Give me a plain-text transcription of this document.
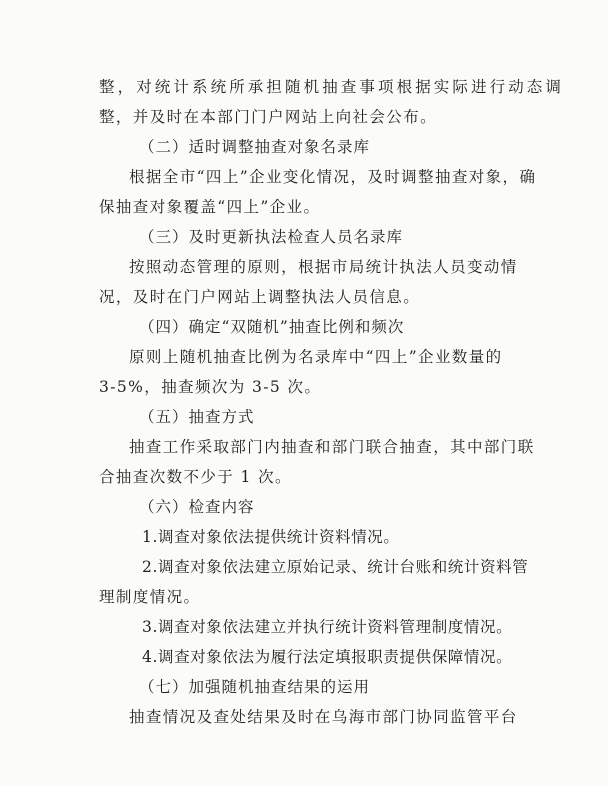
整，对统计系统所承担随机抽查事项根据实际进行动态调
整，并及时在本部门门户网站上向社会公布。
（二）适时调整抽查对象名录库
根据全市“四上”企业变化情况，及时调整抽查对象，确
保抽查对象覆盖“四上”企业。
（三）及时更新执法检查人员名录库
按照动态管理的原则，根据市局统计执法人员变动情
况，及时在门户网站上调整执法人员信息。
（四）确定“双随机”抽查比例和频次
原则上随机抽查比例为名录库中“四上”企业数量的
3-5%，抽查频次为 3-5 次。
（五）抽查方式
抽查工作采取部门内抽查和部门联合抽查，其中部门联
合抽查次数不少于 1 次。
（六）检查内容
1.调查对象依法提供统计资料情况。
2.调查对象依法建立原始记录、统计台账和统计资料管
理制度情况。
3.调查对象依法建立并执行统计资料管理制度情况。
4.调查对象依法为履行法定填报职责提供保障情况。
（七）加强随机抽查结果的运用
抽查情况及查处结果及时在乌海市部门协同监管平台
